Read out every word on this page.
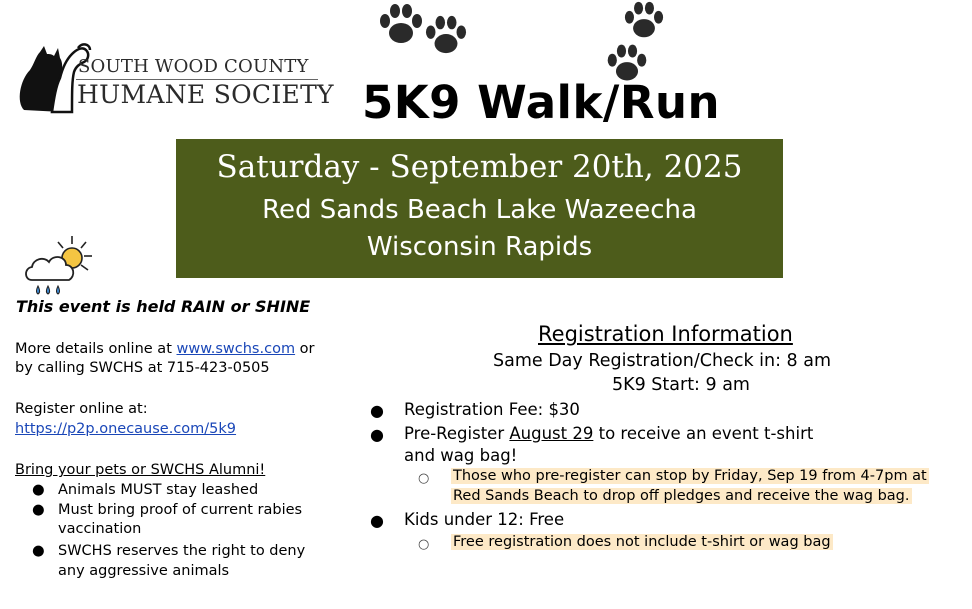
SOUTH WOOD COUNTY
HUMANE SOCIETY 5K9 Walk/Run
Saturday - September 20th, 2025
Red Sands Beach Lake Wazeecha
Wisconsin Rapids
This event is held RAIN or SHINE
More details online at www.swchs.com or
by calling SWCHS at 715-423-0505
Register online at:
https://p2p.onecause.com/5k9
Bring your pets or SWCHS Alumni!
● Animals MUST stay leashed
● Must bring proof of current rabies
vaccination
● SWCHS reserves the right to deny
any aggressive animals
Registration Information
Same Day Registration/Check in: 8 am
5K9 Start: 9 am
● Registration Fee: $30
● Pre-Register August 29 to receive an event t-shirt
and wag bag!
○ Those who pre-register can stop by Friday, Sep 19 from 4-7pm at
Red Sands Beach to drop off pledges and receive the wag bag.
● Kids under 12: Free
○ Free registration does not include t-shirt or wag bag
